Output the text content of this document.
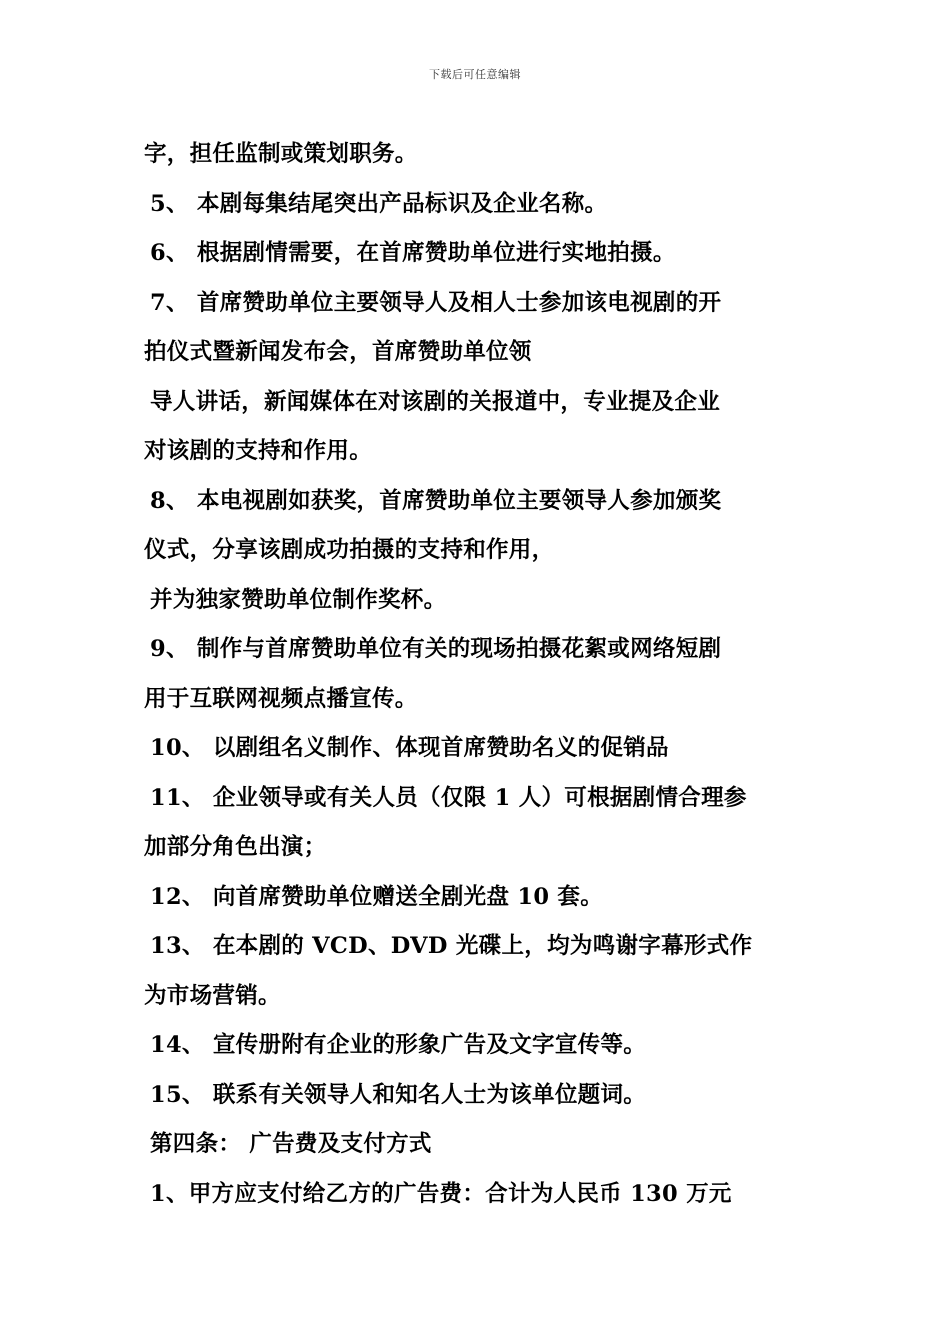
下载后可任意编辑
字，担任监制或策划职务。
5、 本剧每集结尾突出产品标识及企业名称。
6、 根据剧情需要，在首席赞助单位进行实地拍摄。
7、 首席赞助单位主要领导人及相人士参加该电视剧的开
拍仪式暨新闻发布会，首席赞助单位领
导人讲话，新闻媒体在对该剧的关报道中，专业提及企业
对该剧的支持和作用。
8、 本电视剧如获奖，首席赞助单位主要领导人参加颁奖
仪式，分享该剧成功拍摄的支持和作用，
并为独家赞助单位制作奖杯。
9、 制作与首席赞助单位有关的现场拍摄花絮或网络短剧
用于互联网视频点播宣传。
10、 以剧组名义制作、体现首席赞助名义的促销品
11、 企业领导或有关人员（仅限 1 人）可根据剧情合理参
加部分角色出演；
12、 向首席赞助单位赠送全剧光盘 10 套。
13、 在本剧的 VCD、DVD 光碟上，均为鸣谢字幕形式作
为市场营销。
14、 宣传册附有企业的形象广告及文字宣传等。
15、 联系有关领导人和知名人士为该单位题词。
第四条： 广告费及支付方式
1、甲方应支付给乙方的广告费：合计为人民币 130 万元
